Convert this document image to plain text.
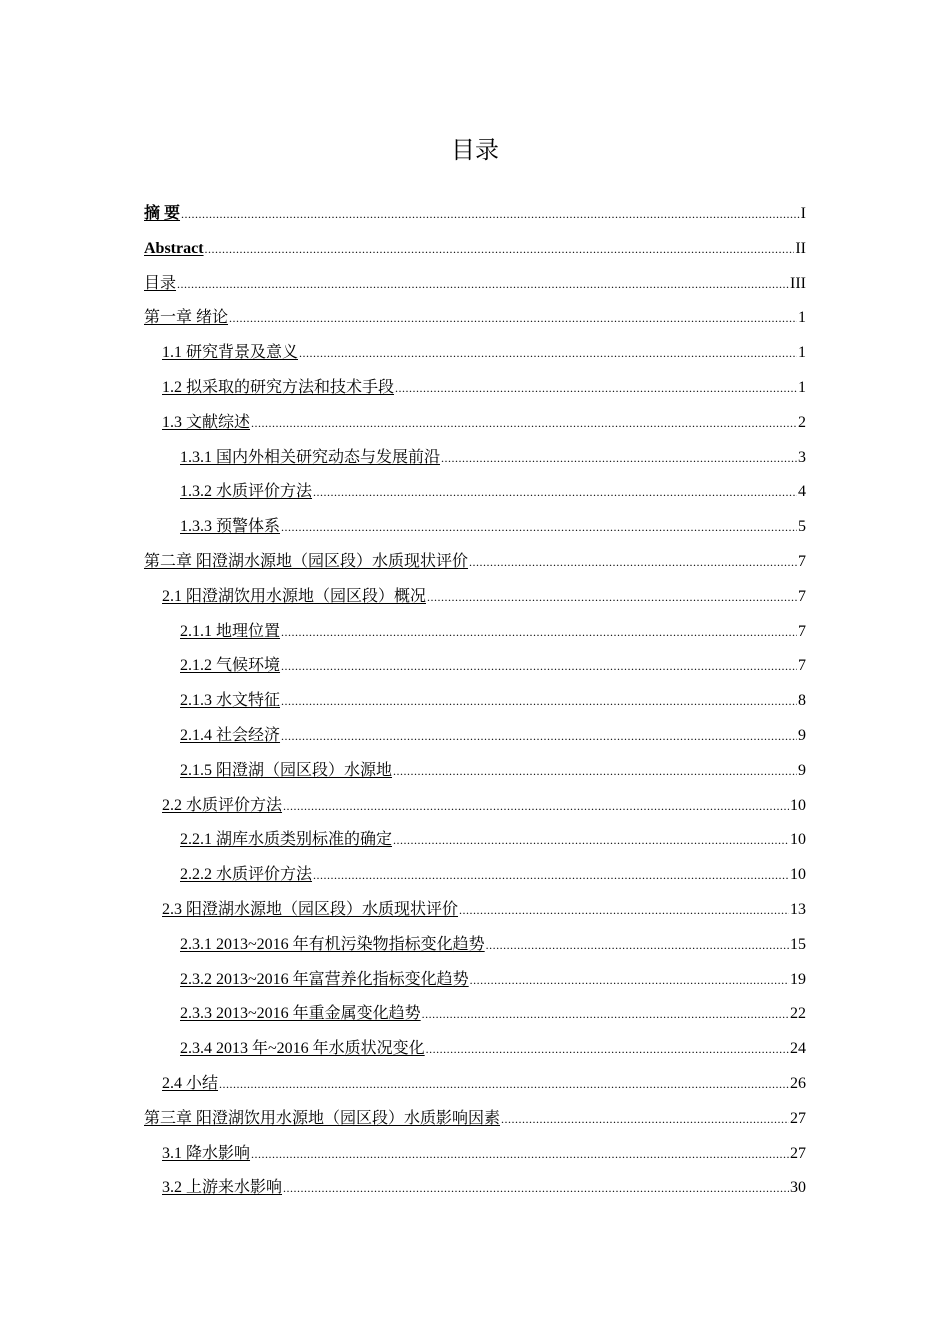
目录
摘 要 .....	I
Abstract .....	II
目录 .....	III
第一章 绪论 .....	1
1.1 研究背景及意义 .....	1
1.2 拟采取的研究方法和技术手段 .....	1
1.3 文献综述 .....	2
1.3.1 国内外相关研究动态与发展前沿 .....	3
1.3.2 水质评价方法 .....	4
1.3.3 预警体系 .....	5
第二章 阳澄湖水源地（园区段）水质现状评价 .....	7
2.1 阳澄湖饮用水源地（园区段）概况 .....	7
2.1.1 地理位置 .....	7
2.1.2 气候环境 .....	7
2.1.3 水文特征 .....	8
2.1.4 社会经济 .....	9
2.1.5 阳澄湖（园区段）水源地 .....	9
2.2 水质评价方法 .....	10
2.2.1 湖库水质类别标准的确定 .....	10
2.2.2 水质评价方法 .....	10
2.3 阳澄湖水源地（园区段）水质现状评价 .....	13
2.3.1 2013~2016 年有机污染物指标变化趋势 .....	15
2.3.2 2013~2016 年富营养化指标变化趋势 .....	19
2.3.3 2013~2016 年重金属变化趋势 .....	22
2.3.4 2013 年~2016 年水质状况变化 .....	24
2.4 小结 .....	26
第三章 阳澄湖饮用水源地（园区段）水质影响因素 .....	27
3.1 降水影响 .....	27
3.2 上游来水影响 .....	30
